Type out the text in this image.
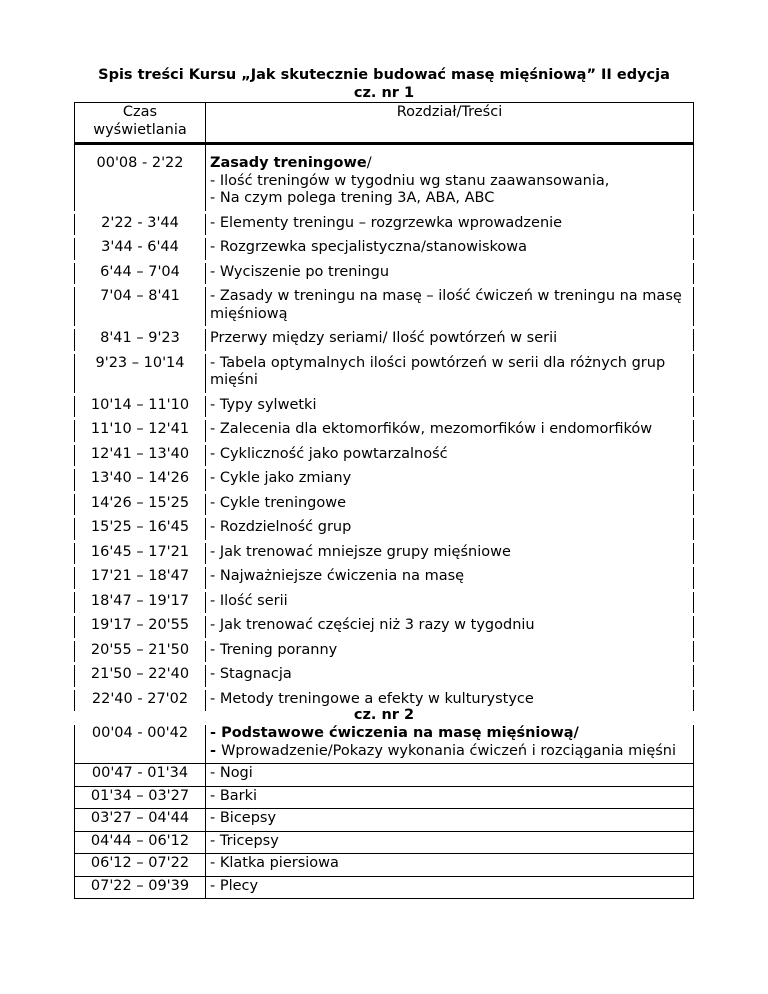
Spis treści Kursu „Jak skutecznie budować masę mięśniową” II edycja
cz. nr 1
Czas wyświetlania	Rozdział/Treści
00'08 - 2'22	Zasady treningowe/
- Ilość treningów w tygodniu wg stanu zaawansowania,
- Na czym polega trening 3A, ABA, ABC
2'22 - 3'44	- Elementy treningu – rozgrzewka wprowadzenie
3'44 - 6'44	- Rozgrzewka specjalistyczna/stanowiskowa
6'44 – 7'04	- Wyciszenie po treningu
7'04 – 8'41	- Zasady w treningu na masę – ilość ćwiczeń w treningu na masę mięśniową
8'41 – 9'23	Przerwy między seriami/ Ilość powtórzeń w serii
9'23 – 10'14	- Tabela optymalnych ilości powtórzeń w serii dla różnych grup mięśni
10'14 – 11'10	- Typy sylwetki
11'10 – 12'41	- Zalecenia dla ektomorfików, mezomorfików i endomorfików
12'41 – 13'40	- Cykliczność jako powtarzalność
13'40 – 14'26	- Cykle jako zmiany
14'26 – 15'25	- Cykle treningowe
15'25 – 16'45	- Rozdzielność grup
16'45 – 17'21	- Jak trenować mniejsze grupy mięśniowe
17'21 – 18'47	- Najważniejsze ćwiczenia na masę
18'47 – 19'17	- Ilość serii
19'17 – 20'55	- Jak trenować częściej niż 3 razy w tygodniu
20'55 – 21'50	- Trening poranny
21'50 – 22'40	- Stagnacja
22'40 - 27'02	- Metody treningowe a efekty w kulturystyce
cz. nr 2
00'04 - 00'42	- Podstawowe ćwiczenia na masę mięśniową/
- Wprowadzenie/Pokazy wykonania ćwiczeń i rozciągania mięśni
00'47 - 01'34	- Nogi
01'34 – 03'27	- Barki
03'27 – 04'44	- Bicepsy
04'44 – 06'12	- Tricepsy
06'12 – 07'22	- Klatka piersiowa
07'22 – 09'39	- Plecy
